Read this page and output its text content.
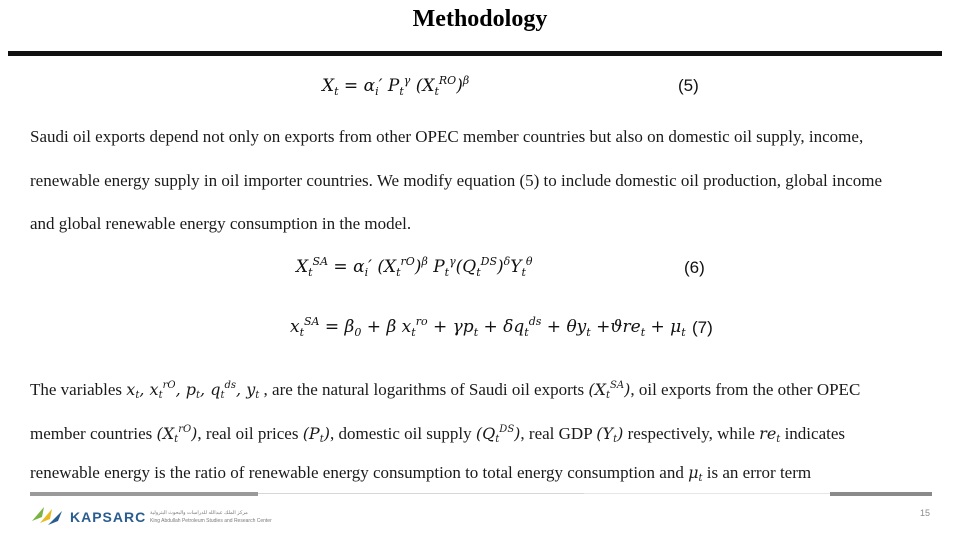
Methodology
$X_t = \alpha_i'$ $P_t^\gamma$ $(X_t^{RO})^\beta$	(5)
Saudi oil exports depend not only on exports from other OPEC member countries but also on domestic oil supply, income,
renewable energy supply in oil importer countries. We modify equation (5) to include domestic oil production, global income
and global renewable energy consumption in the model.
$X_t^{SA} = \alpha_i'$ $(X_t^{rO})^\beta$ $P_t^\gamma(Q_t^{DS})^\delta Y_t^\theta$	(6)
$x_t^{SA} = \beta_0 + \beta$ $x_t^{ro} + \gamma p_t + \delta q_t^{ds} + \theta y_t +ϑre_t + \mu_t$ (7)
The variables $x_t$, $x_t^{rO}$, $p_t$, $q_t^{ds}$, $y_t$ , are the natural logarithms of Saudi oil exports $(X_t^{SA})$, oil exports from the other OPEC
member countries $(X_t^{rO})$, real oil prices $(P_t)$, domestic oil supply $(Q_t^{DS})$, real GDP $(Y_t)$ respectively, while $re_t$ indicates
renewable energy is the ratio of renewable energy consumption to total energy consumption and $\mu_t$ is an error term
KAPSARC مركز الملك عبدالله للدراسات والبحوث البترولية
King Abdullah Petroleum Studies and Research Center
15
